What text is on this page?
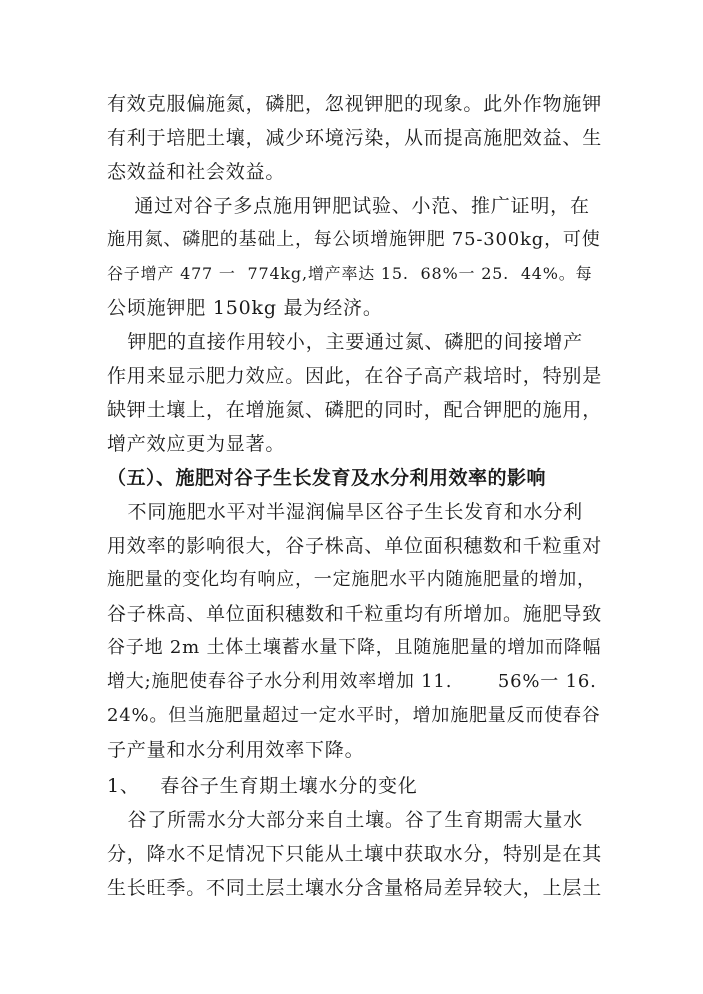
有效克服偏施氮，磷肥，忽视钾肥的现象。此外作物施钾
有利于培肥土壤，减少环境污染，从而提高施肥效益、生
态效益和社会效益。
通过对谷子多点施用钾肥试验、小范、推广证明，在
施用氮、磷肥的基础上，每公顷增施钾肥 75-300kg，可使
谷子增产 477 一  774kg,增产率达 15.  68%一 25.  44%。每
公顷施钾肥 150kg 最为经济。
钾肥的直接作用较小，主要通过氮、磷肥的间接增产
作用来显示肥力效应。因此，在谷子高产栽培时，特别是
缺钾土壤上，在增施氮、磷肥的同时，配合钾肥的施用，
增产效应更为显著。
（五）、施肥对谷子生长发育及水分利用效率的影响
不同施肥水平对半湿润偏旱区谷子生长发育和水分利
用效率的影响很大，谷子株高、单位面积穗数和千粒重对
施肥量的变化均有响应，一定施肥水平内随施肥量的增加，
谷子株高、单位面积穗数和千粒重均有所增加。施肥导致
谷子地 2m 土体土壤蓄水量下降，且随施肥量的增加而降幅
增大;施肥使春谷子水分利用效率增加 11.       56%一 16.
24%。但当施肥量超过一定水平时，增加施肥量反而使春谷
子产量和水分利用效率下降。
1、   春谷子生育期土壤水分的变化
谷了所需水分大部分来自土壤。谷了生育期需大量水
分，降水不足情况下只能从土壤中获取水分，特别是在其
生长旺季。不同土层土壤水分含量格局差异较大，上层土
